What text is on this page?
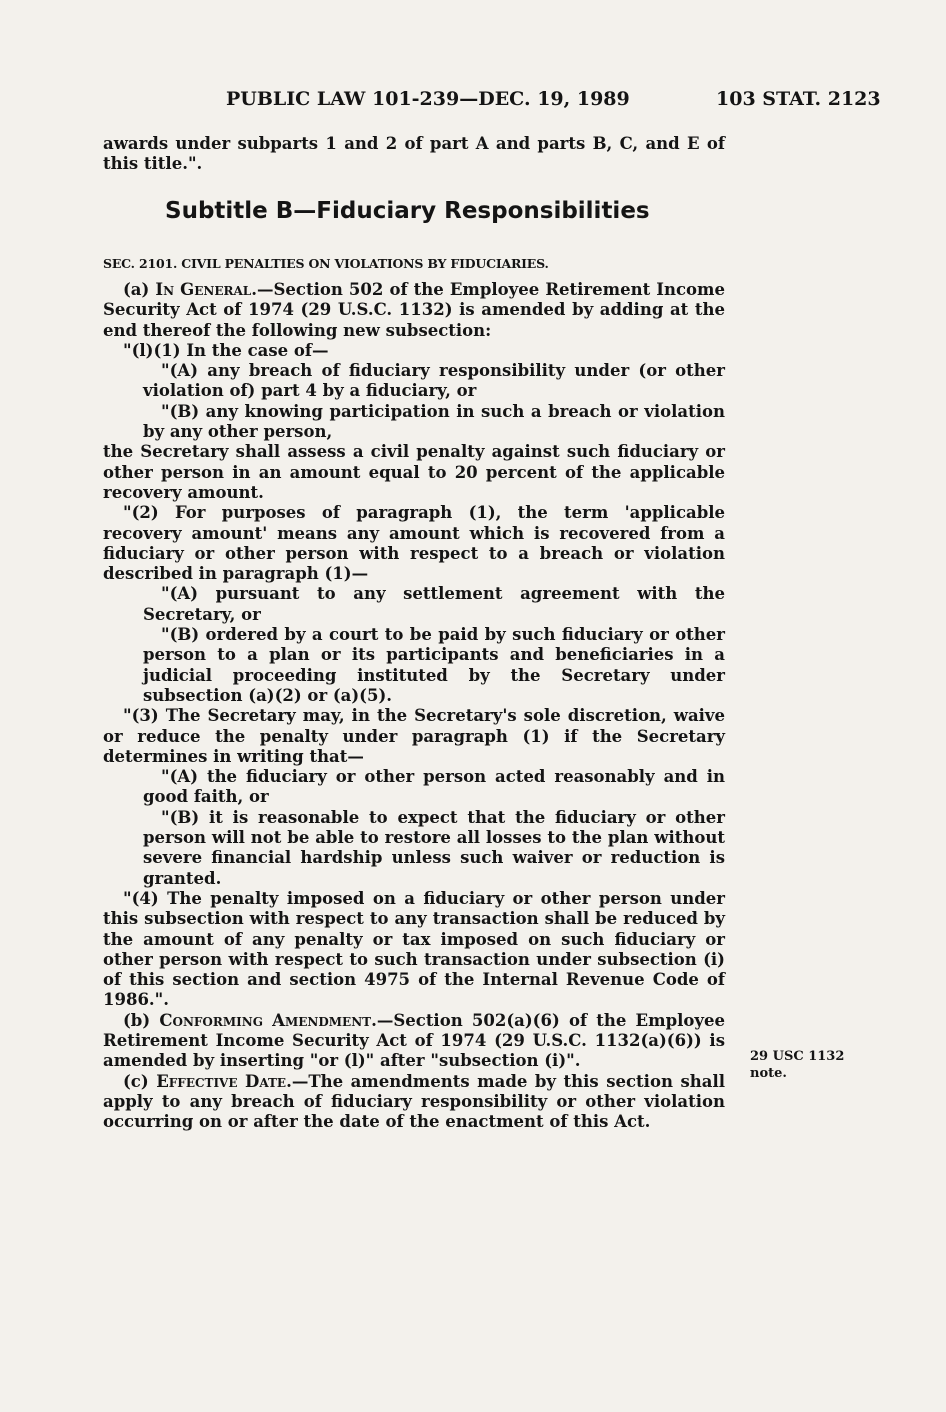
PUBLIC LAW 101-239—DEC. 19, 1989	103 STAT. 2123

awards under subparts 1 and 2 of part A and parts B, C, and E of this title.".

Subtitle B—Fiduciary Responsibilities
SEC. 2101. CIVIL PENALTIES ON VIOLATIONS BY FIDUCIARIES.

(a) In General.—Section 502 of the Employee Retirement Income Security Act of 1974 (29 U.S.C. 1132) is amended by adding at the end thereof the following new subsection:

"(l)(1) In the case of—

"(A) any breach of fiduciary responsibility under (or other violation of) part 4 by a fiduciary, or

"(B) any knowing participation in such a breach or violation by any other person,

the Secretary shall assess a civil penalty against such fiduciary or other person in an amount equal to 20 percent of the applicable recovery amount.

"(2) For purposes of paragraph (1), the term 'applicable recovery amount' means any amount which is recovered from a fiduciary or other person with respect to a breach or violation described in paragraph (1)—

"(A) pursuant to any settlement agreement with the Secretary, or

"(B) ordered by a court to be paid by such fiduciary or other person to a plan or its participants and beneficiaries in a judicial proceeding instituted by the Secretary under subsection (a)(2) or (a)(5).

"(3) The Secretary may, in the Secretary's sole discretion, waive or reduce the penalty under paragraph (1) if the Secretary determines in writing that—

"(A) the fiduciary or other person acted reasonably and in good faith, or

"(B) it is reasonable to expect that the fiduciary or other person will not be able to restore all losses to the plan without severe financial hardship unless such waiver or reduction is granted.

"(4) The penalty imposed on a fiduciary or other person under this subsection with respect to any transaction shall be reduced by the amount of any penalty or tax imposed on such fiduciary or other person with respect to such transaction under subsection (i) of this section and section 4975 of the Internal Revenue Code of 1986.".

(b) Conforming Amendment.—Section 502(a)(6) of the Employee Retirement Income Security Act of 1974 (29 U.S.C. 1132(a)(6)) is amended by inserting "or (l)" after "subsection (i)".

(c) Effective Date.—The amendments made by this section shall apply to any breach of fiduciary responsibility or other violation occurring on or after the date of the enactment of this Act.

29 USC 1132
note.
